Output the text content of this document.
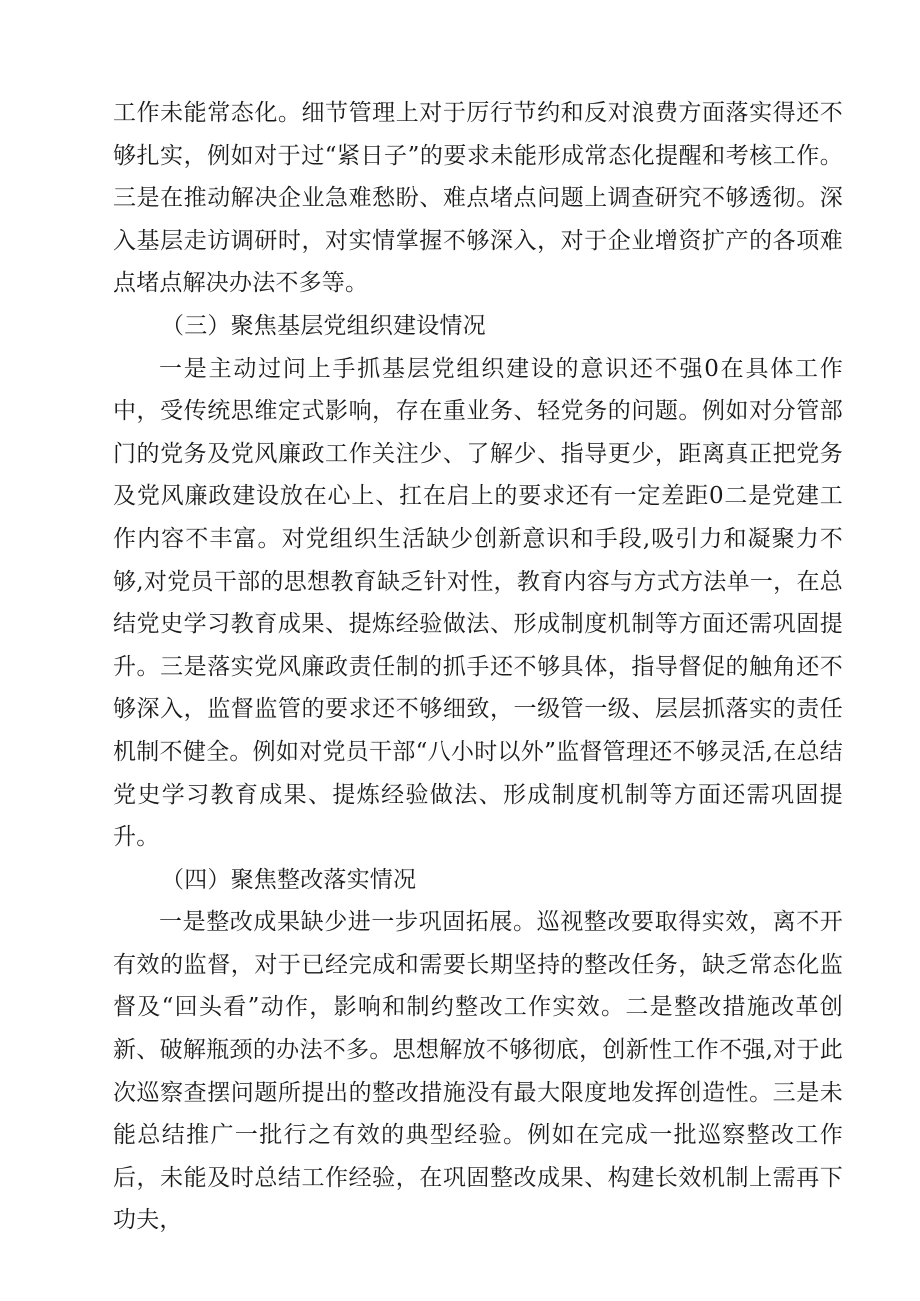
工作未能常态化。细节管理上对于厉行节约和反对浪费方面落实得还不够扎实，例如对于过“紧日子”的要求未能形成常态化提醒和考核工作。三是在推动解决企业急难愁盼、难点堵点问题上调查研究不够透彻。深入基层走访调研时，对实情掌握不够深入，对于企业增资扩产的各项难点堵点解决办法不多等。

（三）聚焦基层党组织建设情况

一是主动过问上手抓基层党组织建设的意识还不强0在具体工作中，受传统思维定式影响，存在重业务、轻党务的问题。例如对分管部门的党务及党风廉政工作关注少、了解少、指导更少，距离真正把党务及党风廉政建设放在心上、扛在启上的要求还有一定差距0二是党建工作内容不丰富。对党组织生活缺少创新意识和手段,吸引力和凝聚力不够,对党员干部的思想教育缺乏针对性，教育内容与方式方法单一，在总结党史学习教育成果、提炼经验做法、形成制度机制等方面还需巩固提升。三是落实党风廉政责任制的抓手还不够具体，指导督促的触角还不够深入，监督监管的要求还不够细致，一级管一级、层层抓落实的责任机制不健全。例如对党员干部“八小时以外”监督管理还不够灵活,在总结党史学习教育成果、提炼经验做法、形成制度机制等方面还需巩固提升。

（四）聚焦整改落实情况

一是整改成果缺少进一步巩固拓展。巡视整改要取得实效，离不开有效的监督，对于已经完成和需要长期坚持的整改任务，缺乏常态化监督及“回头看”动作，影响和制约整改工作实效。二是整改措施改革创新、破解瓶颈的办法不多。思想解放不够彻底，创新性工作不强,对于此次巡察查摆问题所提出的整改措施没有最大限度地发挥创造性。三是未能总结推广一批行之有效的典型经验。例如在完成一批巡察整改工作后，未能及时总结工作经验，在巩固整改成果、构建长效机制上需再下功夫，
